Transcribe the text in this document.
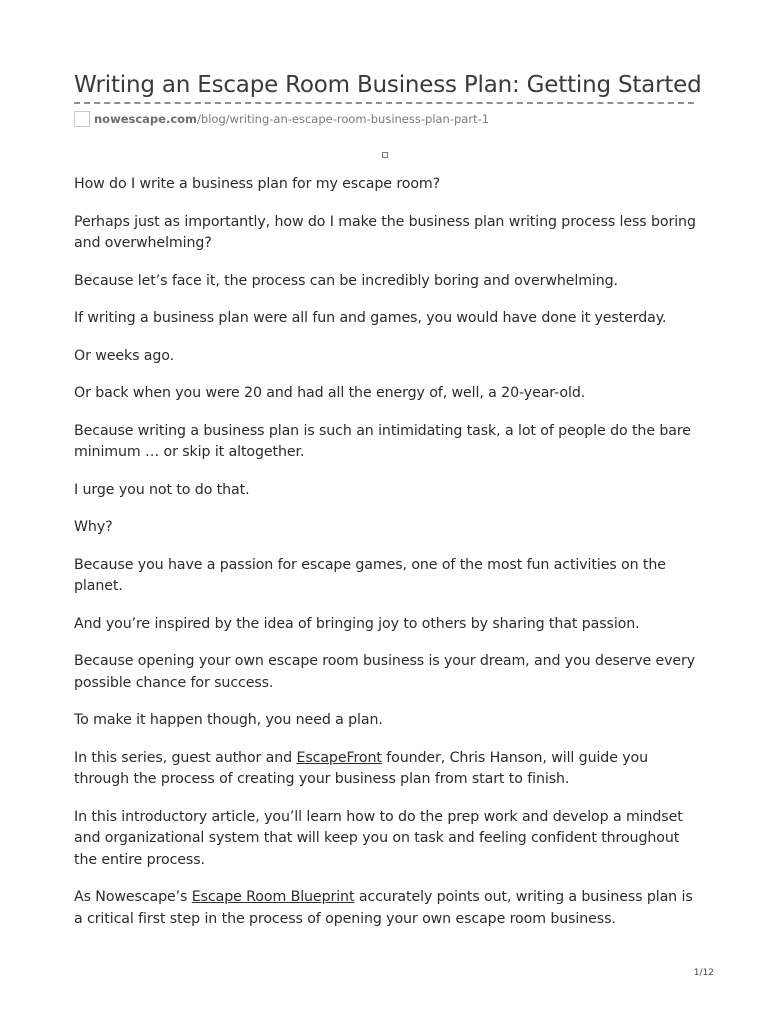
Writing an Escape Room Business Plan: Getting Started
nowescape.com /blog/writing-an-escape-room-business-plan-part-1

How do I write a business plan for my escape room?

Perhaps just as importantly, how do I make the business plan writing process less boring and overwhelming?

Because let’s face it, the process can be incredibly boring and overwhelming.

If writing a business plan were all fun and games, you would have done it yesterday.

Or weeks ago.

Or back when you were 20 and had all the energy of, well, a 20-year-old.

Because writing a business plan is such an intimidating task, a lot of people do the bare minimum … or skip it altogether.

I urge you not to do that.

Why?

Because you have a passion for escape games, one of the most fun activities on the planet.

And you’re inspired by the idea of bringing joy to others by sharing that passion.

Because opening your own escape room business is your dream, and you deserve every possible chance for success.

To make it happen though, you need a plan.

In this series, guest author and EscapeFront founder, Chris Hanson, will guide you through the process of creating your business plan from start to finish.

In this introductory article, you’ll learn how to do the prep work and develop a mindset and organizational system that will keep you on task and feeling confident throughout the entire process.

As Nowescape’s Escape Room Blueprint accurately points out, writing a business plan is a critical first step in the process of opening your own escape room business.

1/12
